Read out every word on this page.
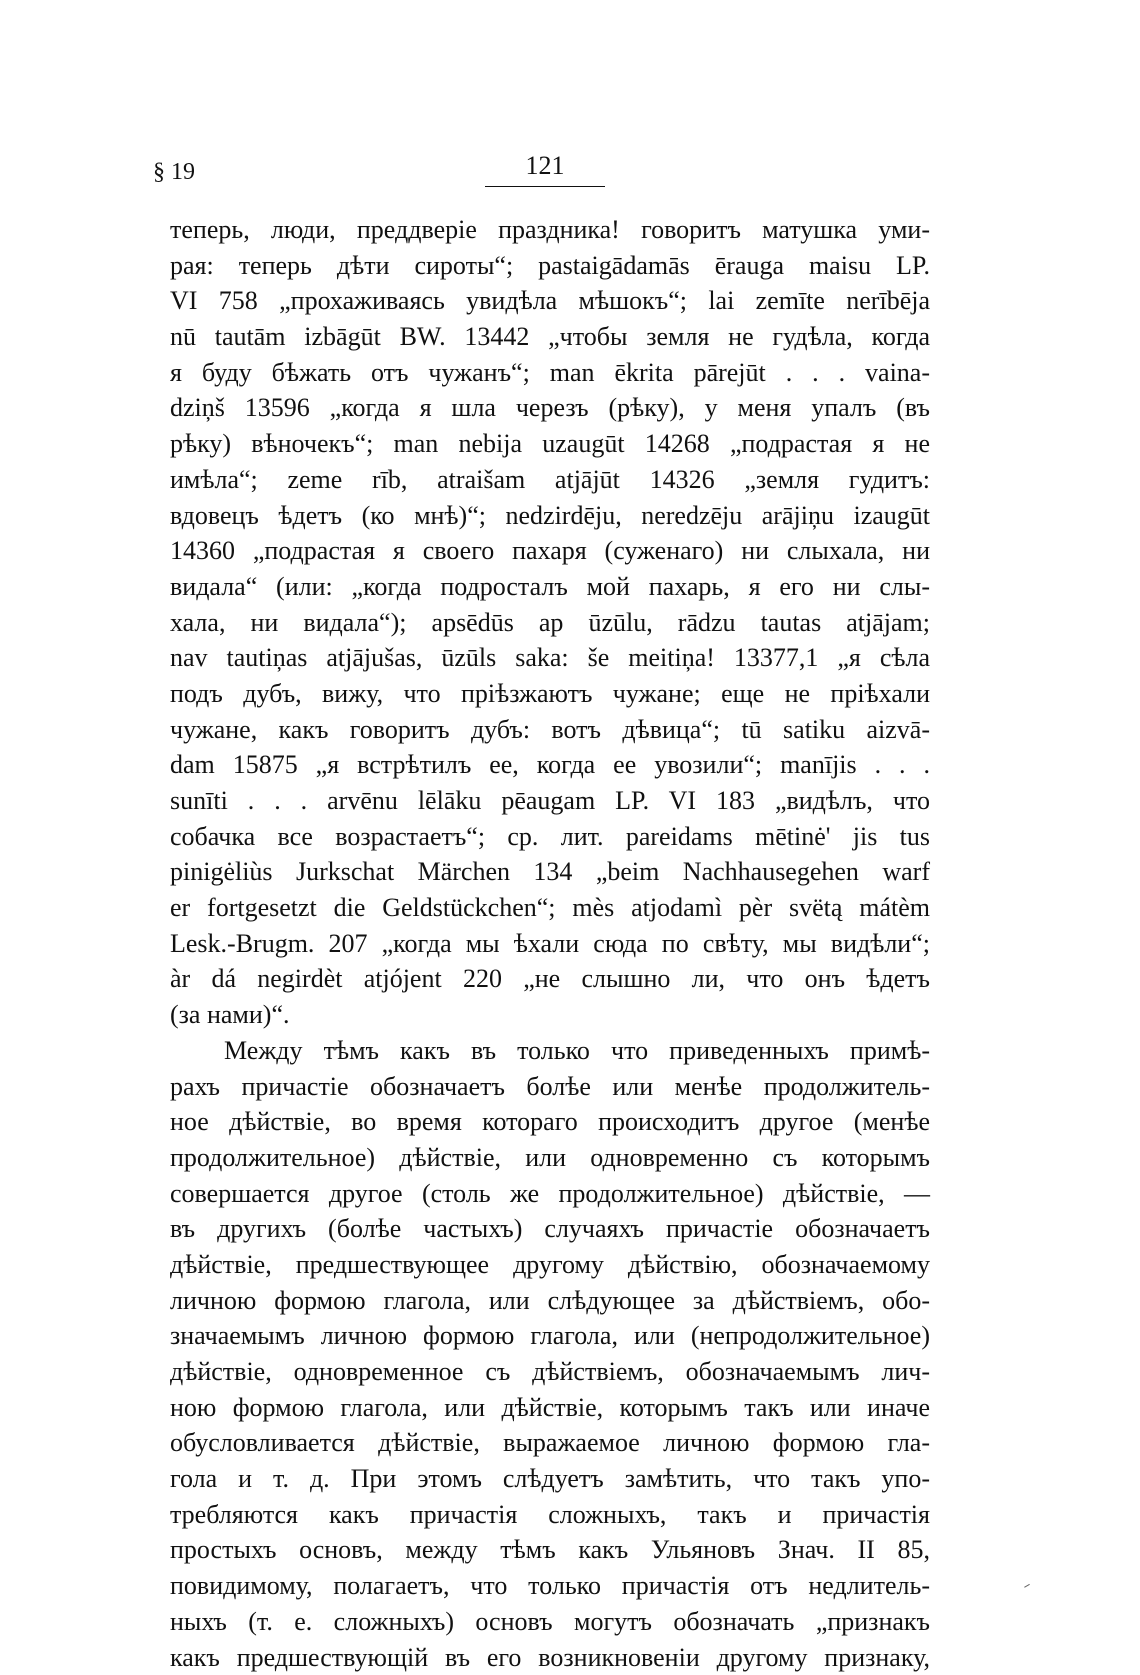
§ 19	121
теперь, люди, преддверіе праздника! говоритъ матушка уми-
рая: теперь дѣти сироты“; pastaigādamās ērauga maisu LP.
VI 758 „прохаживаясь увидѣла мѣшокъ“; lai zemīte nerībēja
nū tautām izbāgūt BW. 13442 „чтобы земля не гудѣла, когда
я буду бѣжать отъ чужанъ“; man ēkrita pārejūt . . . vaina-
dziņš 13596 „когда я шла черезъ (рѣку), у меня упалъ (въ
рѣку) вѣночекъ“; man nebija uzaugūt 14268 „подрастая я не
имѣла“; zeme rīb, atraišam atjājūt 14326 „земля гудитъ:
вдовецъ ѣдетъ (ко мнѣ)“; nedzirdēju, neredzēju arājiņu izaugūt
14360 „подрастая я своего пахаря (суженаго) ни слыхала, ни
видала“ (или: „когда подросталъ мой пахарь, я его ни слы-
хала, ни видала“); apsēdūs ap ūzūlu, rādzu tautas atjājam;
nav tautiņas atjājušas, ūzūls saka: še meitiņa! 13377,1 „я сѣла
подъ дубъ, вижу, что пріѣзжаютъ чужане; еще не пріѣхали
чужане, какъ говоритъ дубъ: вотъ дѣвица“; tū satiku aizvā-
dam 15875 „я встрѣтилъ ее, когда ее увозили“; manījis . . .
sunīti . . . arvēnu lēlāku pēaugam LP. VI 183 „видѣлъ, что
собачка все возрастаетъ“; ср. лит. pareidams mētinė' jis tus
pinigėliùs Jurkschat Märchen 134 „beim Nachhausegehen warf
er fortgesetzt die Geldstückchen“; mès atjodamì pèr svëtą mátèm
Lesk.-Brugm. 207 „когда мы ѣхали сюда по свѣту, мы видѣли“;
àr dá negirdèt atjójent 220 „не слышно ли, что онъ ѣдетъ
(за нами)“.
Между тѣмъ какъ въ только что приведенныхъ примѣ-
рахъ причастіе обозначаетъ болѣе или менѣе продолжитель-
ное дѣйствіе, во время котораго происходитъ другое (менѣе
продолжительное) дѣйствіе, или одновременно съ которымъ
совершается другое (столь же продолжительное) дѣйствіе, —
въ другихъ (болѣе частыхъ) случаяхъ причастіе обозначаетъ
дѣйствіе, предшествующее другому дѣйствію, обозначаемому
личною формою глагола, или слѣдующее за дѣйствіемъ, обо-
значаемымъ личною формою глагола, или (непродолжительное)
дѣйствіе, одновременное съ дѣйствіемъ, обозначаемымъ лич-
ною формою глагола, или дѣйствіе, которымъ такъ или иначе
обусловливается дѣйствіе, выражаемое личною формою гла-
гола и т. д. При этомъ слѣдуетъ замѣтить, что такъ упо-
требляются какъ причастія сложныхъ, такъ и причастія
простыхъ основъ, между тѣмъ какъ Ульяновъ Знач. II 85,
повидимому, полагаетъ, что только причастія отъ недлитель-
ныхъ (т. е. сложныхъ) основъ могутъ обозначать „признакъ
какъ предшествующій въ его возникновеніи другому признаку,
